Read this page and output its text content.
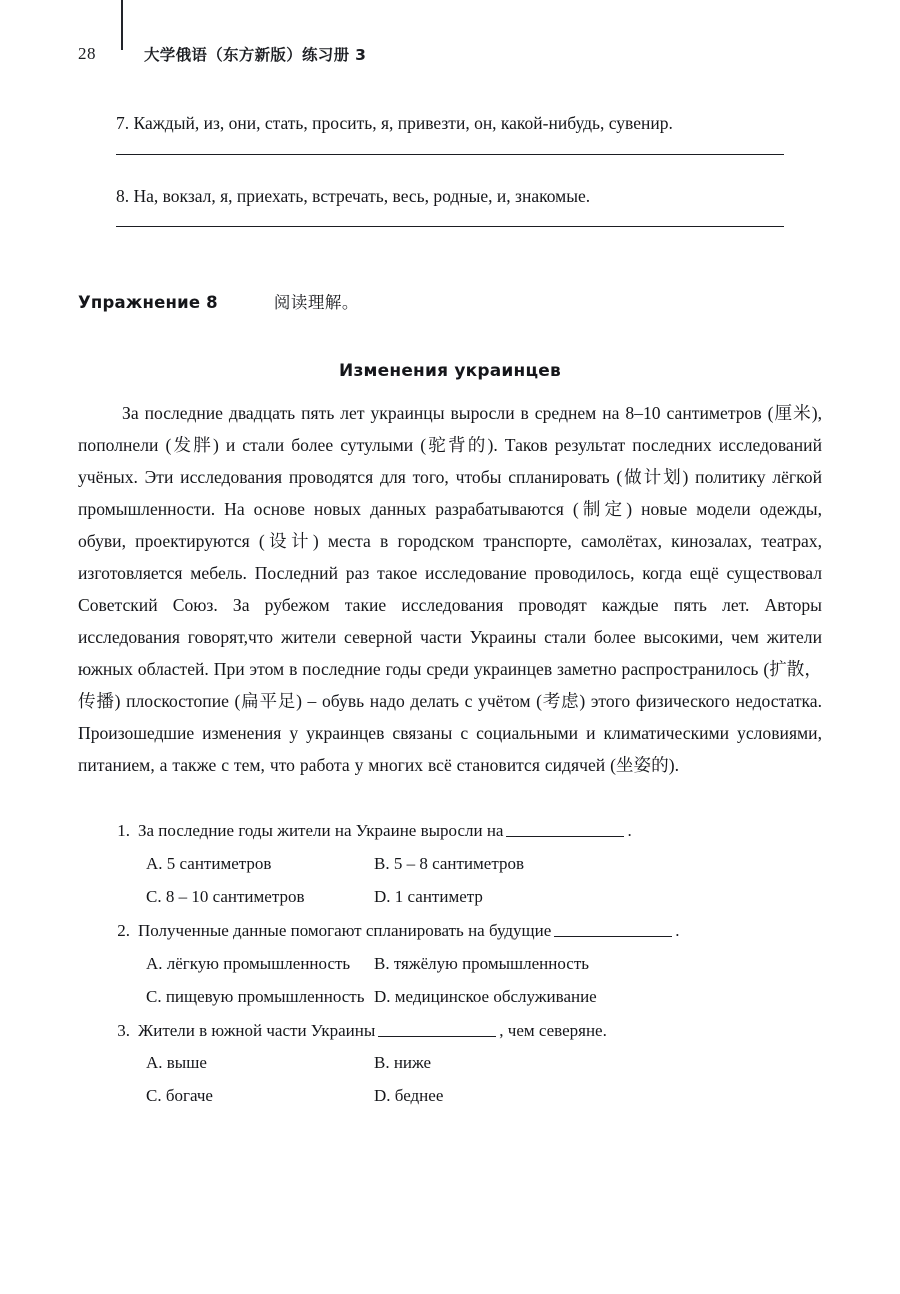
28	大学俄语（东方新版）练习册 3

7. Каждый, из, они, стать, просить, я, привезти, он, какой-нибудь, сувенир.

8. На, вокзал, я, приехать, встречать, весь, родные, и, знакомые.

Упражнение 8	阅读理解。
Изменения украинцев
За последние двадцать пять лет украинцы выросли в среднем на 8–10 сантиметров (厘米), пополнели (发胖) и стали более сутулыми (驼背的). Таков результат последних исследований учёных. Эти исследования проводятся для того, чтобы спланировать (做计划) политику лёгкой промышленности. На основе новых данных разрабатываются (制定) новые модели одежды, обуви, проектируются (设计) места в городском транспорте, самолётах, кинозалах, театрах, изготовляется мебель. Последний раз такое исследование проводилось, когда ещё существовал Советский Союз. За рубежом такие исследования проводят каждые пять лет. Авторы исследования говорят,что жители северной части Украины стали более высокими, чем жители южных областей. При этом в последние годы среди украинцев заметно распространилось (扩散，传播) плоскостопие (扁平足) – обувь надо делать с учётом (考虑) этого физического недостатка. Произошедшие изменения у украинцев связаны с социальными и климатическими условиями, питанием, а также с тем, что работа у многих всё становится сидячей (坐姿的).
1. За последние годы жители на Украине выросли на	.
A. 5 сантиметров	B. 5 – 8 сантиметров
C. 8 – 10 сантиметров	D. 1 сантиметр
2. Полученные данные помогают спланировать на будущие	.
A. лёгкую промышленность	B. тяжёлую промышленность
C. пищевую промышленность D. медицинское обслуживание
3. Жители в южной части Украины	, чем северяне.
A. выше	B. ниже
C. богаче	D. беднее
